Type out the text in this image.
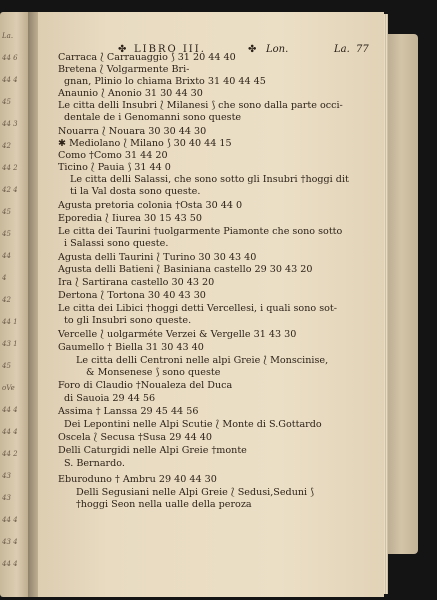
La.
44 6
44 4
45
44 3
42
44 2
42 4
45
45
44
4
42
44 1
43 1
45
oVe
44 4
44 4
44 2
43
43
44 4
43 4
44 4
✤ LIBRO III.	✤ Lon.	La. 77
Carraca ⟅ Carrauaggio ⟆ 31 20 44 40
Bretena ⟅ Volgarmente Bri-
gnan, Plinio lo chiama Brixto 31 40 44 45
Anaunio ⟅ Anonio 31 30 44 30
Le citta delli Insubri ⟅ Milanesi ⟆ che sono dalla parte occi-
dentale de i Genomanni sono queste
Nouarra ⟅ Nouara 30 30 44 30
✱ Mediolano ⟅ Milano ⟆ 30 40 44 15
Como †Como 31 44 20
Ticino ⟅ Pauia ⟆ 31 44 0
Le citta delli Salassi, che sono sotto gli Insubri †hoggi dit
ti la Val dosta sono queste.
Agusta pretoria colonia †Osta 30 44 0
Eporedia ⟅ Iiurea 30 15 43 50
Le citta dei Taurini †uolgarmente Piamonte che sono sotto
i Salassi sono queste.
Agusta delli Taurini ⟅ Turino 30 30 43 40
Agusta delli Batieni ⟅ Basiniana castello 29 30 43 20
Ira ⟅ Sartirana castello 30 43 20
Dertona ⟅ Tortona 30 40 43 30
Le citta dei Libici †hoggi detti Vercellesi, i quali sono sot-
to gli Insubri sono queste.
Vercelle ⟅ uolgarméte Verzei & Vergelle 31 43 30
Gaumello † Biella 31 30 43 40
Le citta delli Centroni nelle alpi Greie ⟅ Monscinise,
& Monsenese ⟆ sono queste
Foro di Claudio †Noualeza del Duca
di Sauoia 29 44 56
Assima † Lanssa 29 45 44 56
Dei Lepontini nelle Alpi Scutie ⟅ Monte di S.Gottardo
Oscela ⟅ Secusa †Susa 29 44 40
Delli Caturgidi nelle Alpi Greie †monte
S. Bernardo.
Eburoduno † Ambru 29 40 44 30
Delli Segusiani nelle Alpi Greie ⟅ Sedusi,Seduni ⟆
†hoggi Seon nella ualle della peroza
